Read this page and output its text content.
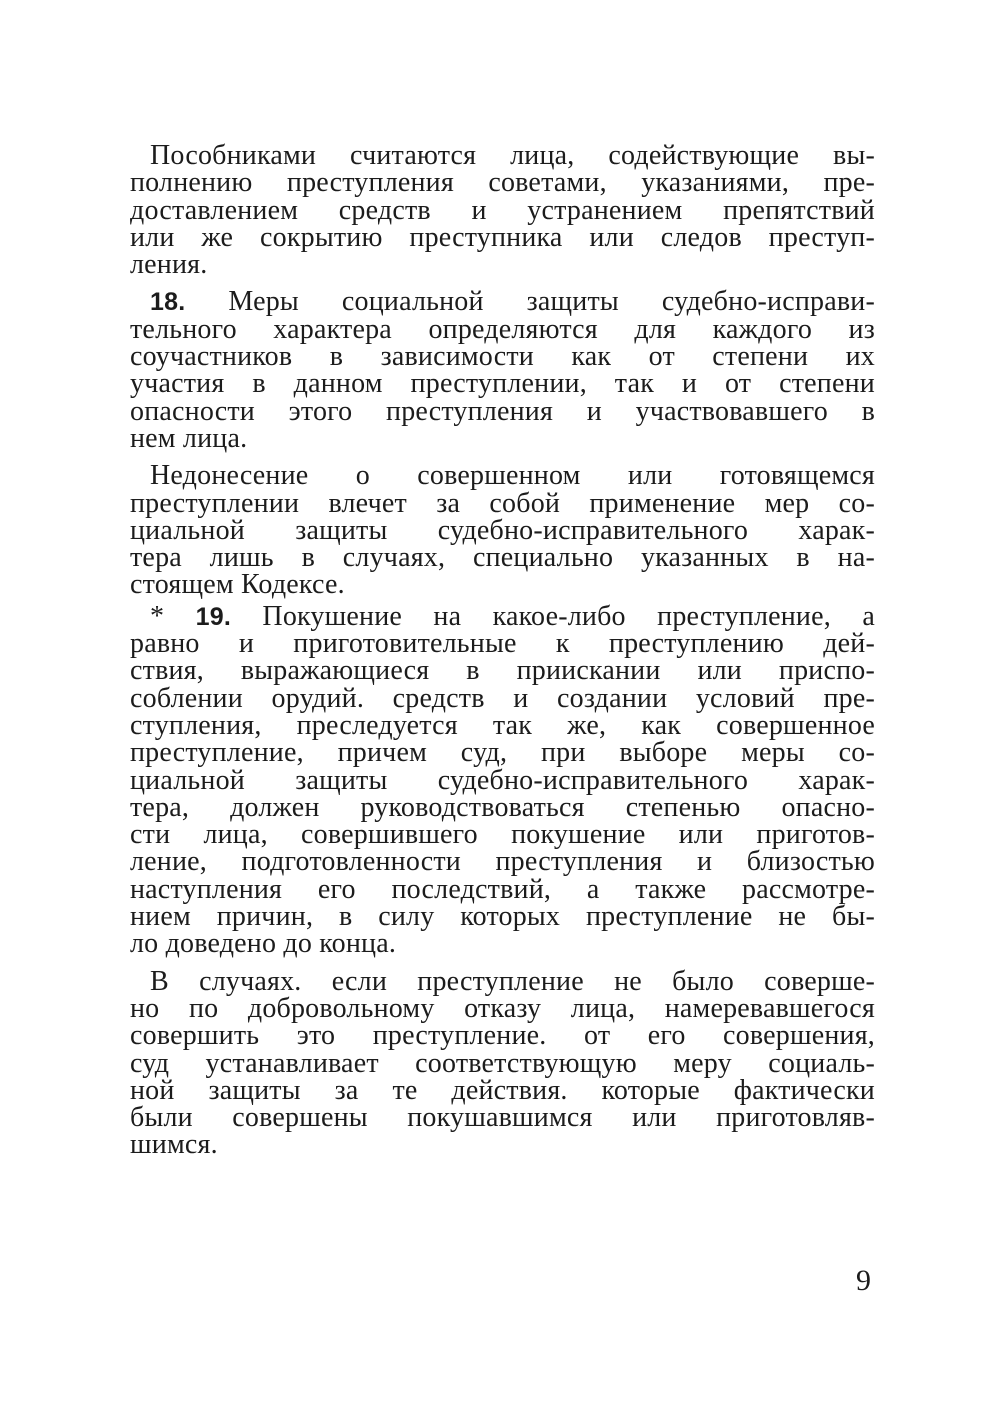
Пособниками считаются лица, содействующие вы-
полнению преступления советами, указаниями, пре-
доставлением средств и устранением препятствий
или же сокрытию преступника или следов преступ-
ления.
18. Меры социальной защиты судебно-исправи-
тельного характера определяются для каждого из
соучастников в зависимости как от степени их
участия в данном преступлении, так и от степени
опасности этого преступления и участвовавшего в
нем лица.
Недонесение о совершенном или готовящемся
преступлении влечет за собой применение мер со-
циальной защиты судебно-исправительного харак-
тера лишь в случаях, специально указанных в на-
стоящем Кодексе.
* 19. Покушение на какое-либо преступление, а
равно и приготовительные к преступлению дей-
ствия, выражающиеся в приискании или приспо-
соблении орудий. средств и создании условий пре-
ступления, преследуется так же, как совершенное
преступление, причем суд, при выборе меры со-
циальной защиты судебно-исправительного харак-
тера, должен руководствоваться степенью опасно-
сти лица, совершившего покушение или приготов-
ление, подготовленности преступления и близостью
наступления его последствий, а также рассмотре-
нием причин, в силу которых преступление не бы-
ло доведено до конца.
В случаях. если преступление не было соверше-
но по добровольному отказу лица, намеревавшегося
совершить это преступление. от его совершения,
суд устанавливает соответствующую меру социаль-
ной защиты за те действия. которые фактически
были совершены покушавшимся или приготовляв-
шимся.
9
